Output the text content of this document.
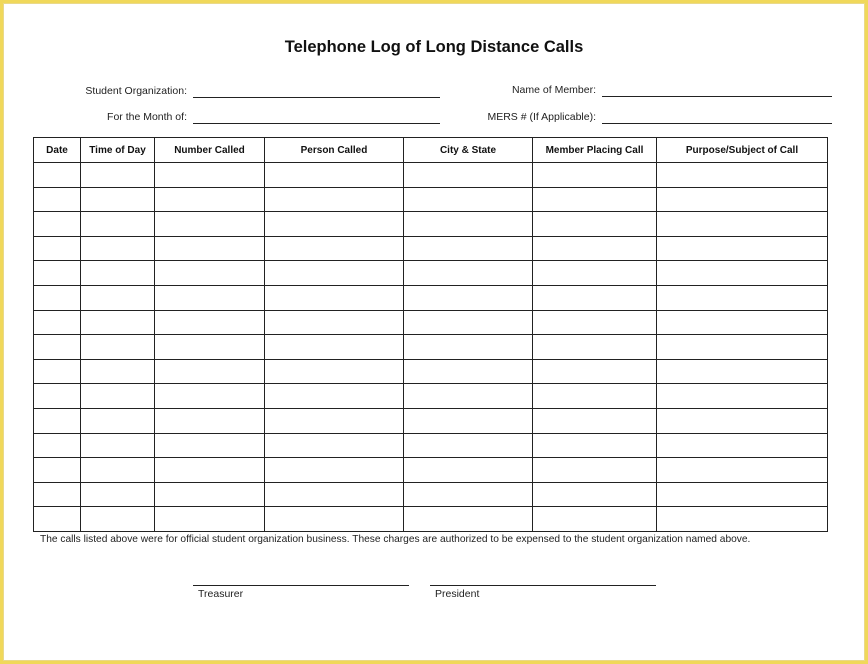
Telephone Log of Long Distance Calls
Student Organization:	Name of Member:
For the Month of:	MERS # (If Applicable):
Date	Time of Day	Number Called	Person Called	City & State	Member Placing Call	Purpose/Subject of Call

The calls listed above were for official student organization business. These charges are authorized to be expensed to the student organization named above.
Treasurer	President
